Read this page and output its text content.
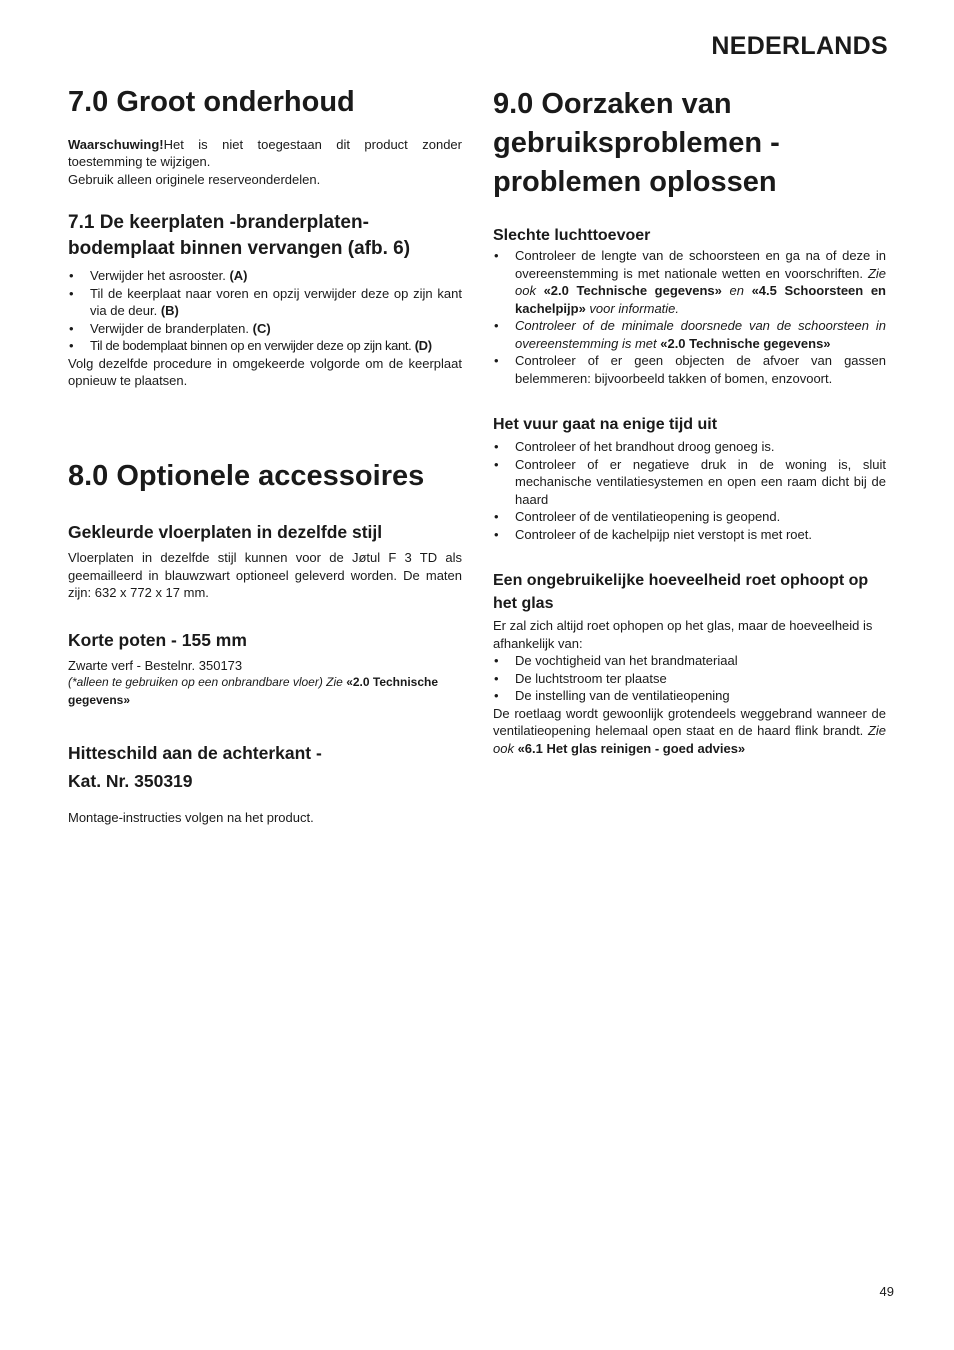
NEDERLANDS
7.0 Groot onderhoud

Waarschuwing!Het is niet toegestaan dit product zonder toestemming te wijzigen.

Gebruik alleen originele reserveonderdelen.

7.1 De keerplaten -branderplaten- bodemplaat binnen vervangen (afb. 6)
• Verwijder het asrooster. (A)
• Til de keerplaat naar voren en opzij verwijder deze op zijn kant via de deur. (B)
• Verwijder de branderplaten. (C)
• Til de bodemplaat binnen op en verwijder deze op zijn kant. (D)

Volg dezelfde procedure in omgekeerde volgorde om de keerplaat opnieuw te plaatsen.

8.0 Optionele accessoires
Gekleurde vloerplaten in dezelfde stijl

Vloerplaten in dezelfde stijl kunnen voor de Jøtul F 3 TD als geemailleerd in blauwzwart optioneel geleverd worden. De maten zijn: 632 x 772 x 17 mm.

Korte poten - 155 mm

Zwarte verf - Bestelnr. 350173

(*alleen te gebruiken op een onbrandbare vloer) Zie «2.0 Technische gegevens»

Hitteschild aan de achterkant -
Kat. Nr. 350319

Montage-instructies volgen na het product.

9.0 Oorzaken van
gebruiksproblemen -
problemen oplossen
Slechte luchttoevoer
• Controleer de lengte van de schoorsteen en ga na of deze in overeenstemming is met nationale wetten en voorschriften. Zie ook «2.0 Technische gegevens» en «4.5 Schoorsteen en kachelpijp» voor informatie.
• Controleer of de minimale doorsnede van de schoorsteen in overeenstemming is met «2.0 Technische gegevens»
• Controleer of er geen objecten de afvoer van gassen belemmeren: bijvoorbeeld takken of bomen, enzovoort.
Het vuur gaat na enige tijd uit
• Controleer of het brandhout droog genoeg is.
• Controleer of er negatieve druk in de woning is, sluit mechanische ventilatiesystemen en open een raam dicht bij de haard
• Controleer of de ventilatieopening is geopend.
• Controleer of de kachelpijp niet verstopt is met roet.
Een ongebruikelijke hoeveelheid roet ophoopt op het glas

Er zal zich altijd roet ophopen op het glas, maar de hoeveelheid is afhankelijk van:

• De vochtigheid van het brandmateriaal
• De luchtstroom ter plaatse
• De instelling van de ventilatieopening

De roetlaag wordt gewoonlijk grotendeels weggebrand wanneer de ventilatieopening helemaal open staat en de haard flink brandt. Zie ook «6.1 Het glas reinigen - goed advies»

49
